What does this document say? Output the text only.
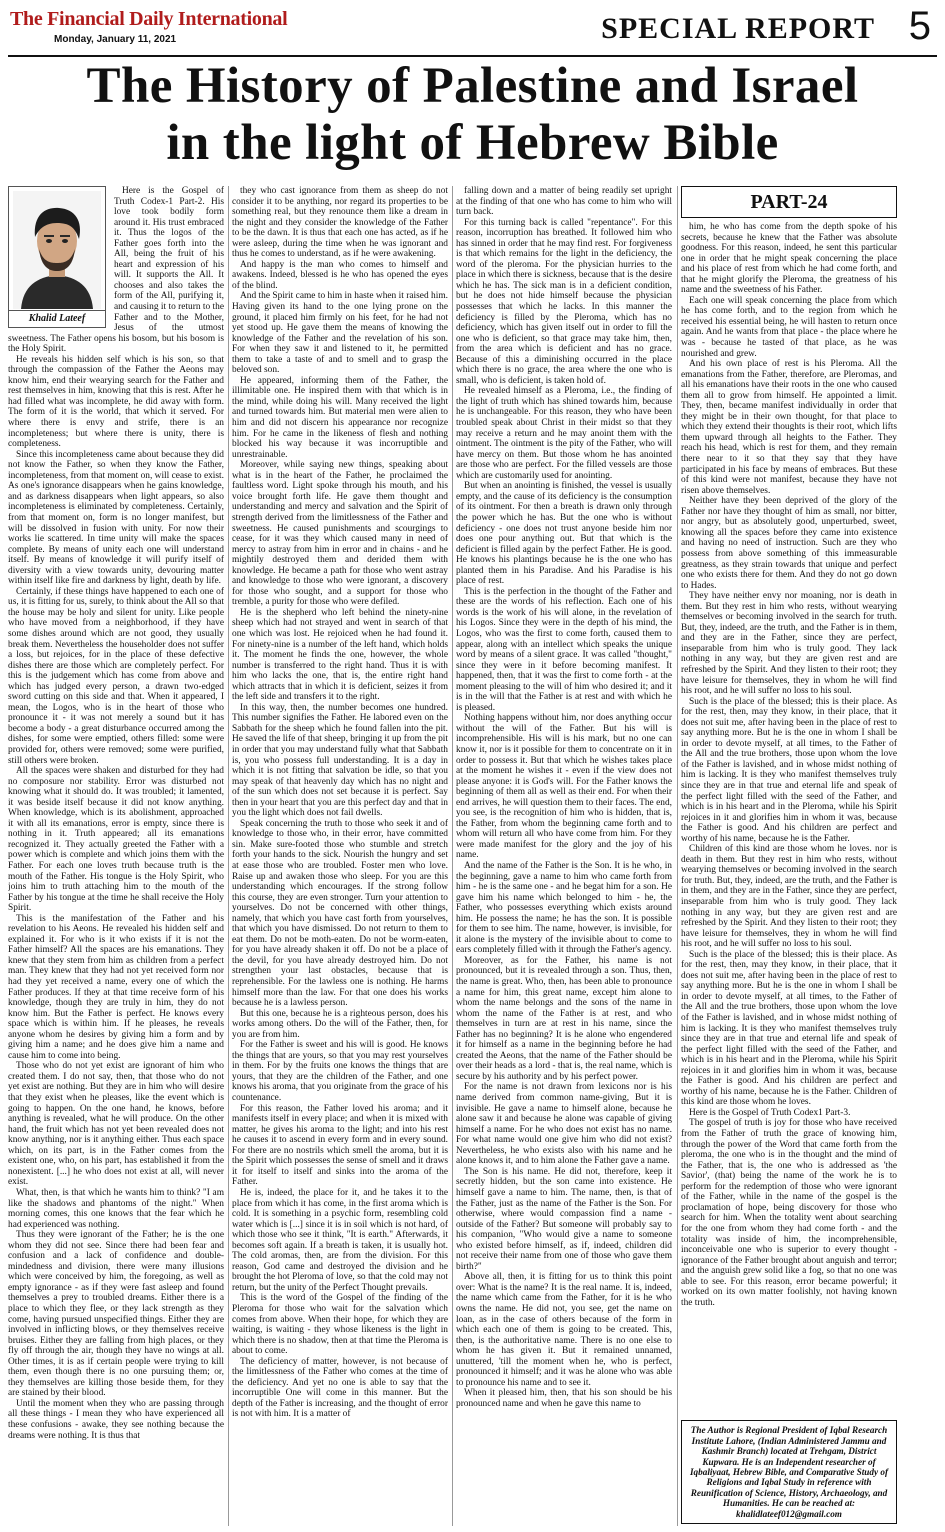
The Financial Daily International
Monday, January 11, 2021	SPECIAL REPORT 5
The History of Palestine and Israel
in the light of Hebrew Bible
Khalid Lateef

Here is the Gospel of Truth Codex-1 Part-2. His love took bodily form around it. His trust embraced it. Thus the logos of the Father goes forth into the All, being the fruit of his heart and expression of his will. It supports the All. It chooses and also takes the form of the All, purifying it, and causing it to return to the Father and to the Mother, Jesus of the utmost sweetness. The Father opens his bosom, but his bosom is the Holy Spirit.

He reveals his hidden self which is his son, so that through the compassion of the Father the Aeons may know him, end their wearying search for the Father and rest themselves in him, knowing that this is rest. After he had filled what was incomplete, he did away with form. The form of it is the world, that which it served. For where there is envy and strife, there is an incompleteness; but where there is unity, there is completeness.

Since this incompleteness came about because they did not know the Father, so when they know the Father, incompleteness, from that moment on, will cease to exist. As one's ignorance disappears when he gains knowledge, and as darkness disappears when light appears, so also incompleteness is eliminated by completeness. Certainly, from that moment on, form is no longer manifest, but will be dissolved in fusion with unity. For now their works lie scattered. In time unity will make the spaces complete. By means of unity each one will understand itself. By means of knowledge it will purify itself of diversity with a view towards unity, devouring matter within itself like fire and darkness by light, death by life.

Certainly, if these things have happened to each one of us, it is fitting for us, surely, to think about the All so that the house may be holy and silent for unity. Like people who have moved from a neighborhood, if they have some dishes around which are not good, they usually break them. Nevertheless the householder does not suffer a loss, but rejoices, for in the place of these defective dishes there are those which are completely perfect. For this is the judgement which has come from above and which has judged every person, a drawn two-edged sword cutting on this side and that. When it appeared, I mean, the Logos, who is in the heart of those who pronounce it - it was not merely a sound but it has become a body - a great disturbance occurred among the dishes, for some were emptied, others filled: some were provided for, others were removed; some were purified, still others were broken.

All the spaces were shaken and disturbed for they had no composure nor stability. Error was disturbed not knowing what it should do. It was troubled; it lamented, it was beside itself because it did not know anything. When knowledge, which is its abolishment, approached it with all its emanations, error is empty, since there is nothing in it. Truth appeared; all its emanations recognized it. They actually greeted the Father with a power which is complete and which joins them with the Father. For each one loves truth because truth is the mouth of the Father. His tongue is the Holy Spirit, who joins him to truth attaching him to the mouth of the Father by his tongue at the time he shall receive the Holy Spirit.

This is the manifestation of the Father and his revelation to his Aeons. He revealed his hidden self and explained it. For who is it who exists if it is not the Father himself? All the spaces are his emanations. They knew that they stem from him as children from a perfect man. They knew that they had not yet received form nor had they yet received a name, every one of which the Father produces. If they at that time receive form of his knowledge, though they are truly in him, they do not know him. But the Father is perfect. He knows every space which is within him. If he pleases, he reveals anyone whom he desires by giving him a form and by giving him a name; and he does give him a name and cause him to come into being.

Those who do not yet exist are ignorant of him who created them. I do not say, then, that those who do not yet exist are nothing. But they are in him who will desire that they exist when he pleases, like the event which is going to happen. On the one hand, he knows, before anything is revealed, what he will produce. On the other hand, the fruit which has not yet been revealed does not know anything, nor is it anything either. Thus each space which, on its part, is in the Father comes from the existent one, who, on his part, has established it from the nonexistent. [...] he who does not exist at all, will never exist.

What, then, is that which he wants him to think? "I am like the shadows and phantoms of the night." When morning comes, this one knows that the fear which he had experienced was nothing.

Thus they were ignorant of the Father; he is the one whom they did not see. Since there had been fear and confusion and a lack of confidence and double-mindedness and division, there were many illusions which were conceived by him, the foregoing, as well as empty ignorance - as if they were fast asleep and found themselves a prey to troubled dreams. Either there is a place to which they flee, or they lack strength as they come, having pursued unspecified things. Either they are involved in inflicting blows, or they themselves receive bruises. Either they are falling from high places, or they fly off through the air, though they have no wings at all. Other times, it is as if certain people were trying to kill them, even though there is no one pursuing them; or, they themselves are killing those beside them, for they are stained by their blood.

Until the moment when they who are passing through all these things - I mean they who have experienced all these confusions - awake, they see nothing because the dreams were nothing. It is thus that

they who cast ignorance from them as sheep do not consider it to be anything, nor regard its properties to be something real, but they renounce them like a dream in the night and they consider the knowledge of the Father to be the dawn. It is thus that each one has acted, as if he were asleep, during the time when he was ignorant and thus he comes to understand, as if he were awakening.

And happy is the man who comes to himself and awakens. Indeed, blessed is he who has opened the eyes of the blind.

And the Spirit came to him in haste when it raised him. Having given its hand to the one lying prone on the ground, it placed him firmly on his feet, for he had not yet stood up. He gave them the means of knowing the knowledge of the Father and the revelation of his son. For when they saw it and listened to it, he permitted them to take a taste of and to smell and to grasp the beloved son.

He appeared, informing them of the Father, the illimitable one. He inspired them with that which is in the mind, while doing his will. Many received the light and turned towards him. But material men were alien to him and did not discern his appearance nor recognize him. For he came in the likeness of flesh and nothing blocked his way because it was incorruptible and unrestrainable.

Moreover, while saying new things, speaking about what is in the heart of the Father, he proclaimed the faultless word. Light spoke through his mouth, and his voice brought forth life. He gave them thought and understanding and mercy and salvation and the Spirit of strength derived from the limitlessness of the Father and sweetness. He caused punishments and scourgings to cease, for it was they which caused many in need of mercy to astray from him in error and in chains - and he mightily destroyed them and derided them with knowledge. He became a path for those who went astray and knowledge to those who were ignorant, a discovery for those who sought, and a support for those who tremble, a purity for those who were defiled.

He is the shepherd who left behind the ninety-nine sheep which had not strayed and went in search of that one which was lost. He rejoiced when he had found it. For ninety-nine is a number of the left hand, which holds it. The moment he finds the one, however, the whole number is transferred to the right hand. Thus it is with him who lacks the one, that is, the entire right hand which attracts that in which it is deficient, seizes it from the left side and transfers it to the right.

In this way, then, the number becomes one hundred. This number signifies the Father. He labored even on the Sabbath for the sheep which he found fallen into the pit. He saved the life of that sheep, bringing it up from the pit in order that you may understand fully what that Sabbath is, you who possess full understanding. It is a day in which it is not fitting that salvation be idle, so that you may speak of that heavenly day which has no night and of the sun which does not set because it is perfect. Say then in your heart that you are this perfect day and that in you the light which does not fail dwells.

Speak concerning the truth to those who seek it and of knowledge to those who, in their error, have committed sin. Make sure-footed those who stumble and stretch forth your hands to the sick. Nourish the hungry and set at ease those who are troubled. Foster men who love. Raise up and awaken those who sleep. For you are this understanding which encourages. If the strong follow this course, they are even stronger. Turn your attention to yourselves. Do not be concerned with other things, namely, that which you have cast forth from yourselves, that which you have dismissed. Do not return to them to eat them. Do not be moth-eaten. Do not be worm-eaten, for you have already shaken it off. Do not be a place of the devil, for you have already destroyed him. Do not strengthen your last obstacles, because that is reprehensible. For the lawless one is nothing. He harms himself more than the law. For that one does his works because he is a lawless person.

But this one, because he is a righteous person, does his works among others. Do the will of the Father, then, for you are from him.

For the Father is sweet and his will is good. He knows the things that are yours, so that you may rest yourselves in them. For by the fruits one knows the things that are yours, that they are the children of the Father, and one knows his aroma, that you originate from the grace of his countenance.

For this reason, the Father loved his aroma; and it manifests itself in every place; and when it is mixed with matter, he gives his aroma to the light; and into his rest he causes it to ascend in every form and in every sound. For there are no nostrils which smell the aroma, but it is the Spirit which possesses the sense of smell and it draws it for itself to itself and sinks into the aroma of the Father.

He is, indeed, the place for it, and he takes it to the place from which it has come, in the first aroma which is cold. It is something in a psychic form, resembling cold water which is [...] since it is in soil which is not hard, of which those who see it think, "It is earth." Afterwards, it becomes soft again. If a breath is taken, it is usually hot. The cold aromas, then, are from the division. For this reason, God came and destroyed the division and he brought the hot Pleroma of love, so that the cold may not return, but the unity of the Perfect Thought prevails.

This is the word of the Gospel of the finding of the Pleroma for those who wait for the salvation which comes from above. When their hope, for which they are waiting, is waiting - they whose likeness is the light in which there is no shadow, then at that time the Pleroma is about to come.

The deficiency of matter, however, is not because of the limitlessness of the Father who comes at the time of the deficiency. And yet no one is able to say that the incorruptible One will come in this manner. But the depth of the Father is increasing, and the thought of error is not with him. It is a matter of

falling down and a matter of being readily set upright at the finding of that one who has come to him who will turn back.

For this turning back is called "repentance". For this reason, incorruption has breathed. It followed him who has sinned in order that he may find rest. For forgiveness is that which remains for the light in the deficiency, the word of the pleroma. For the physician hurries to the place in which there is sickness, because that is the desire which he has. The sick man is in a deficient condition, but he does not hide himself because the physician possesses that which he lacks. In this manner the deficiency is filled by the Pleroma, which has no deficiency, which has given itself out in order to fill the one who is deficient, so that grace may take him, then, from the area which is deficient and has no grace. Because of this a diminishing occurred in the place which there is no grace, the area where the one who is small, who is deficient, is taken hold of.

He revealed himself as a Pleroma, i.e., the finding of the light of truth which has shined towards him, because he is unchangeable. For this reason, they who have been troubled speak about Christ in their midst so that they may receive a return and he may anoint them with the ointment. The ointment is the pity of the Father, who will have mercy on them. But those whom he has anointed are those who are perfect. For the filled vessels are those which are customarily used for anointing.

But when an anointing is finished, the vessel is usually empty, and the cause of its deficiency is the consumption of its ointment. For then a breath is drawn only through the power which he has. But the one who is without deficiency - one does not trust anyone beside him nor does one pour anything out. But that which is the deficient is filled again by the perfect Father. He is good. He knows his plantings because he is the one who has planted them in his Paradise. And his Paradise is his place of rest.

This is the perfection in the thought of the Father and these are the words of his reflection. Each one of his words is the work of his will alone, in the revelation of his Logos. Since they were in the depth of his mind, the Logos, who was the first to come forth, caused them to appear, along with an intellect which speaks the unique word by means of a silent grace. It was called "thought," since they were in it before becoming manifest. It happened, then, that it was the first to come forth - at the moment pleasing to the will of him who desired it; and it is in the will that the Father is at rest and with which he is pleased.

Nothing happens without him, nor does anything occur without the will of the Father. But his will is incomprehensible. His will is his mark, but no one can know it, nor is it possible for them to concentrate on it in order to possess it. But that which he wishes takes place at the moment he wishes it - even if the view does not please anyone: it is God's will. For the Father knows the beginning of them all as well as their end. For when their end arrives, he will question them to their faces. The end, you see, is the recognition of him who is hidden, that is, the Father, from whom the beginning came forth and to whom will return all who have come from him. For they were made manifest for the glory and the joy of his name.

And the name of the Father is the Son. It is he who, in the beginning, gave a name to him who came forth from him - he is the same one - and he begat him for a son. He gave him his name which belonged to him - he, the Father, who possesses everything which exists around him. He possess the name; he has the son. It is possible for them to see him. The name, however, is invisible, for it alone is the mystery of the invisible about to come to ears completely filled with it through the Father's agency.

Moreover, as for the Father, his name is not pronounced, but it is revealed through a son. Thus, then, the name is great. Who, then, has been able to pronounce a name for him, this great name, except him alone to whom the name belongs and the sons of the name in whom the name of the Father is at rest, and who themselves in turn are at rest in his name, since the Father has no beginning? It is he alone who engendered it for himself as a name in the beginning before he had created the Aeons, that the name of the Father should be over their heads as a lord - that is, the real name, which is secure by his authority and by his perfect power.

For the name is not drawn from lexicons nor is his name derived from common name-giving, But it is invisible. He gave a name to himself alone, because he alone saw it and because he alone was capable of giving himself a name. For he who does not exist has no name. For what name would one give him who did not exist? Nevertheless, he who exists also with his name and he alone knows it, and to him alone the Father gave a name.

The Son is his name. He did not, therefore, keep it secretly hidden, but the son came into existence. He himself gave a name to him. The name, then, is that of the Father, just as the name of the Father is the Son. For otherwise, where would compassion find a name - outside of the Father? But someone will probably say to his companion, "Who would give a name to someone who existed before himself, as if, indeed, children did not receive their name from one of those who gave them birth?"

Above all, then, it is fitting for us to think this point over: What is the name? It is the real name. It is, indeed, the name which came from the Father, for it is he who owns the name. He did not, you see, get the name on loan, as in the case of others because of the form in which each one of them is going to be created. This, then, is the authoritative name. There is no one else to whom he has given it. But it remained unnamed, unuttered, 'till the moment when he, who is perfect, pronounced it himself; and it was he alone who was able to pronounce his name and to see it.

When it pleased him, then, that his son should be his pronounced name and when he gave this name to

PART-24

him, he who has come from the depth spoke of his secrets, because he knew that the Father was absolute goodness. For this reason, indeed, he sent this particular one in order that he might speak concerning the place and his place of rest from which he had come forth, and that he might glorify the Pleroma, the greatness of his name and the sweetness of his Father.

Each one will speak concerning the place from which he has come forth, and to the region from which he received his essential being, he will hasten to return once again. And he wants from that place - the place where he was - because he tasted of that place, as he was nourished and grew.

And his own place of rest is his Pleroma. All the emanations from the Father, therefore, are Pleromas, and all his emanations have their roots in the one who caused them all to grow from himself. He appointed a limit. They, then, became manifest individually in order that they might be in their own thought, for that place to which they extend their thoughts is their root, which lifts them upward through all heights to the Father. They reach his head, which is rest for them, and they remain there near to it so that they say that they have participated in his face by means of embraces. But these of this kind were not manifest, because they have not risen above themselves.

Neither have they been deprived of the glory of the Father nor have they thought of him as small, nor bitter, nor angry, but as absolutely good, unperturbed, sweet, knowing all the spaces before they came into existence and having no need of instruction. Such are they who possess from above something of this immeasurable greatness, as they strain towards that unique and perfect one who exists there for them. And they do not go down to Hades.

They have neither envy nor moaning, nor is death in them. But they rest in him who rests, without wearying themselves or becoming involved in the search for truth. But, they, indeed, are the truth, and the Father is in them, and they are in the Father, since they are perfect, inseparable from him who is truly good. They lack nothing in any way, but they are given rest and are refreshed by the Spirit. And they listen to their root; they have leisure for themselves, they in whom he will find his root, and he will suffer no loss to his soul.

Such is the place of the blessed; this is their place. As for the rest, then, may they know, in their place, that it does not suit me, after having been in the place of rest to say anything more. But he is the one in whom I shall be in order to devote myself, at all times, to the Father of the All and the true brothers, those upon whom the love of the Father is lavished, and in whose midst nothing of him is lacking. It is they who manifest themselves truly since they are in that true and eternal life and speak of the perfect light filled with the seed of the Father, and which is in his heart and in the Pleroma, while his Spirit rejoices in it and glorifies him in whom it was, because the Father is good. And his children are perfect and worthy of his name, because he is the Father.

Children of this kind are those whom he loves. nor is death in them. But they rest in him who rests, without wearying themselves or becoming involved in the search for truth. But, they, indeed, are the truth, and the Father is in them, and they are in the Father, since they are perfect, inseparable from him who is truly good. They lack nothing in any way, but they are given rest and are refreshed by the Spirit. And they listen to their root; they have leisure for themselves, they in whom he will find his root, and he will suffer no loss to his soul.

Such is the place of the blessed; this is their place. As for the rest, then, may they know, in their place, that it does not suit me, after having been in the place of rest to say anything more. But he is the one in whom I shall be in order to devote myself, at all times, to the Father of the All and the true brothers, those upon whom the love of the Father is lavished, and in whose midst nothing of him is lacking. It is they who manifest themselves truly since they are in that true and eternal life and speak of the perfect light filled with the seed of the Father, and which is in his heart and in the Pleroma, while his Spirit rejoices in it and glorifies him in whom it was, because the Father is good. And his children are perfect and worthy of his name, because he is the Father. Children of this kind are those whom he loves.

Here is the Gospel of Truth Codex1 Part-3.

The gospel of truth is joy for those who have received from the Father of truth the grace of knowing him, through the power of the Word that came forth from the pleroma, the one who is in the thought and the mind of the Father, that is, the one who is addressed as 'the Savior', (that) being the name of the work he is to perform for the redemption of those who were ignorant of the Father, while in the name of the gospel is the proclamation of hope, being discovery for those who search for him. When the totality went about searching for the one from whom they had come forth - and the totality was inside of him, the incomprehensible, inconceivable one who is superior to every thought - ignorance of the Father brought about anguish and terror; and the anguish grew solid like a fog, so that no one was able to see. For this reason, error became powerful; it worked on its own matter foolishly, not having known the truth.

The Author is Regional President of Iqbal Research Institute Lahore, (Indian Administered Jammu and Kashmir Branch) located at Trehgam, District Kupwara. He is an Independent researcher of Iqbaliyaat, Hebrew Bible, and Comparative Study of Religions and Iqbal Study in reference with Reunification of Science, History, Archaeology, and Humanities. He can be reached at: khalidlateef012@gmail.com
